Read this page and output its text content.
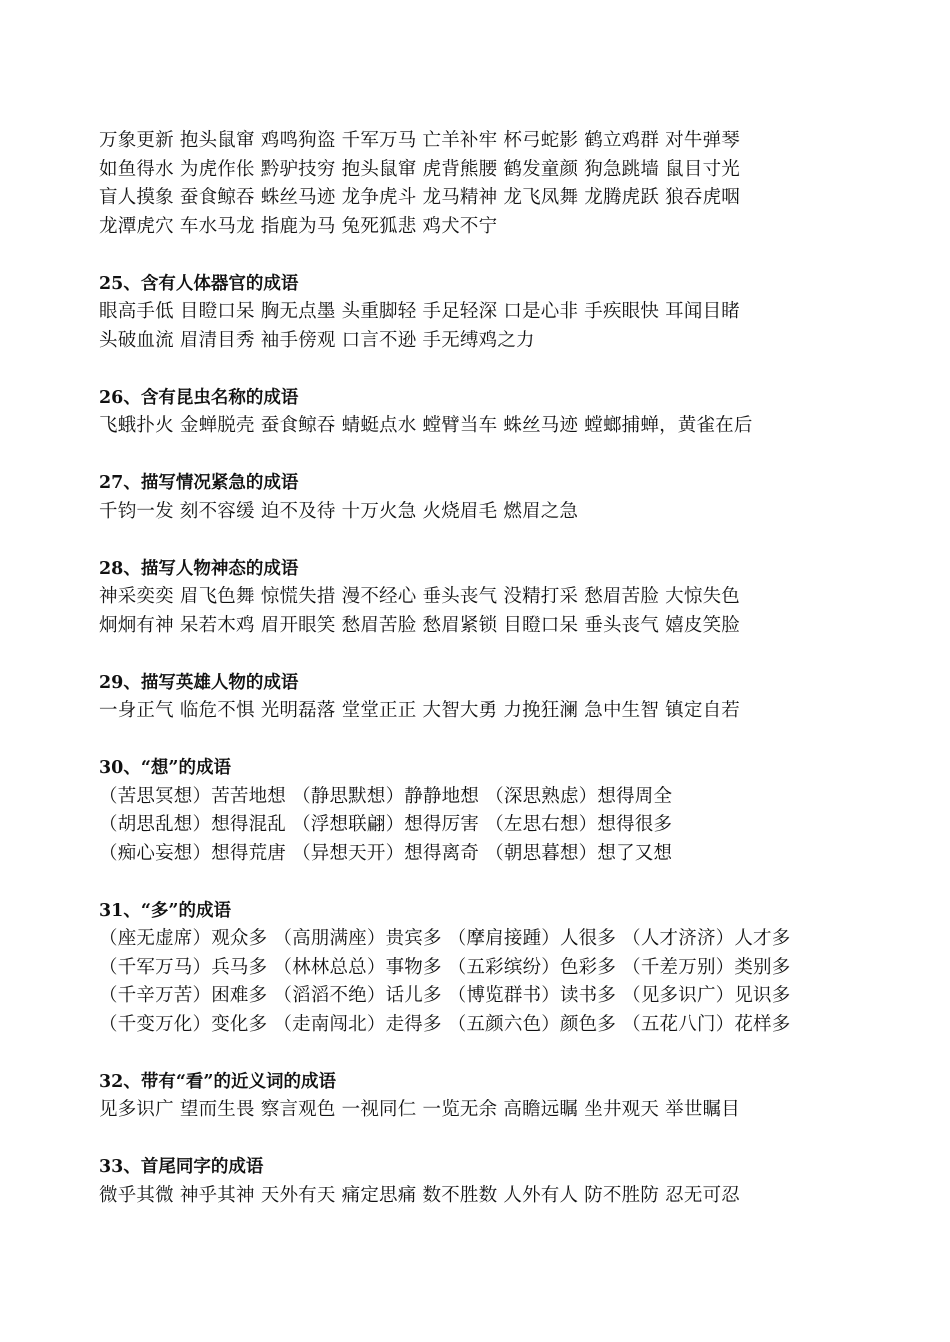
万象更新 抱头鼠窜 鸡鸣狗盗 千军万马 亡羊补牢 杯弓蛇影 鹤立鸡群 对牛弹琴
如鱼得水 为虎作伥 黔驴技穷 抱头鼠窜 虎背熊腰 鹤发童颜 狗急跳墙 鼠目寸光
盲人摸象 蚕食鲸吞 蛛丝马迹 龙争虎斗 龙马精神 龙飞凤舞 龙腾虎跃 狼吞虎咽
龙潭虎穴 车水马龙 指鹿为马 兔死狐悲 鸡犬不宁
25、含有人体器官的成语
眼高手低 目瞪口呆 胸无点墨 头重脚轻 手足轻深 口是心非 手疾眼快 耳闻目睹
头破血流 眉清目秀 袖手傍观 口言不逊 手无缚鸡之力
26、含有昆虫名称的成语
飞蛾扑火 金蝉脱壳 蚕食鲸吞 蜻蜓点水 螳臂当车 蛛丝马迹 螳螂捕蝉，黄雀在后
27、描写情况紧急的成语
千钧一发 刻不容缓 迫不及待 十万火急 火烧眉毛 燃眉之急
28、描写人物神态的成语
神采奕奕 眉飞色舞 惊慌失措 漫不经心 垂头丧气 没精打采 愁眉苦脸 大惊失色
炯炯有神 呆若木鸡 眉开眼笑 愁眉苦脸 愁眉紧锁 目瞪口呆 垂头丧气 嬉皮笑脸
29、描写英雄人物的成语
一身正气 临危不惧 光明磊落 堂堂正正 大智大勇 力挽狂澜 急中生智 镇定自若
30、“想”的成语
（苦思冥想）苦苦地想 （静思默想）静静地想 （深思熟虑）想得周全
（胡思乱想）想得混乱 （浮想联翩）想得厉害 （左思右想）想得很多
（痴心妄想）想得荒唐 （异想天开）想得离奇 （朝思暮想）想了又想
31、“多”的成语
（座无虚席）观众多 （高朋满座）贵宾多 （摩肩接踵）人很多 （人才济济）人才多
（千军万马）兵马多 （林林总总）事物多 （五彩缤纷）色彩多 （千差万别）类别多
（千辛万苦）困难多 （滔滔不绝）话儿多 （博览群书）读书多 （见多识广）见识多
（千变万化）变化多 （走南闯北）走得多 （五颜六色）颜色多 （五花八门）花样多
32、带有“看”的近义词的成语
见多识广 望而生畏 察言观色 一视同仁 一览无余 高瞻远瞩 坐井观天 举世瞩目
33、首尾同字的成语
微乎其微 神乎其神 天外有天 痛定思痛 数不胜数 人外有人 防不胜防 忍无可忍
